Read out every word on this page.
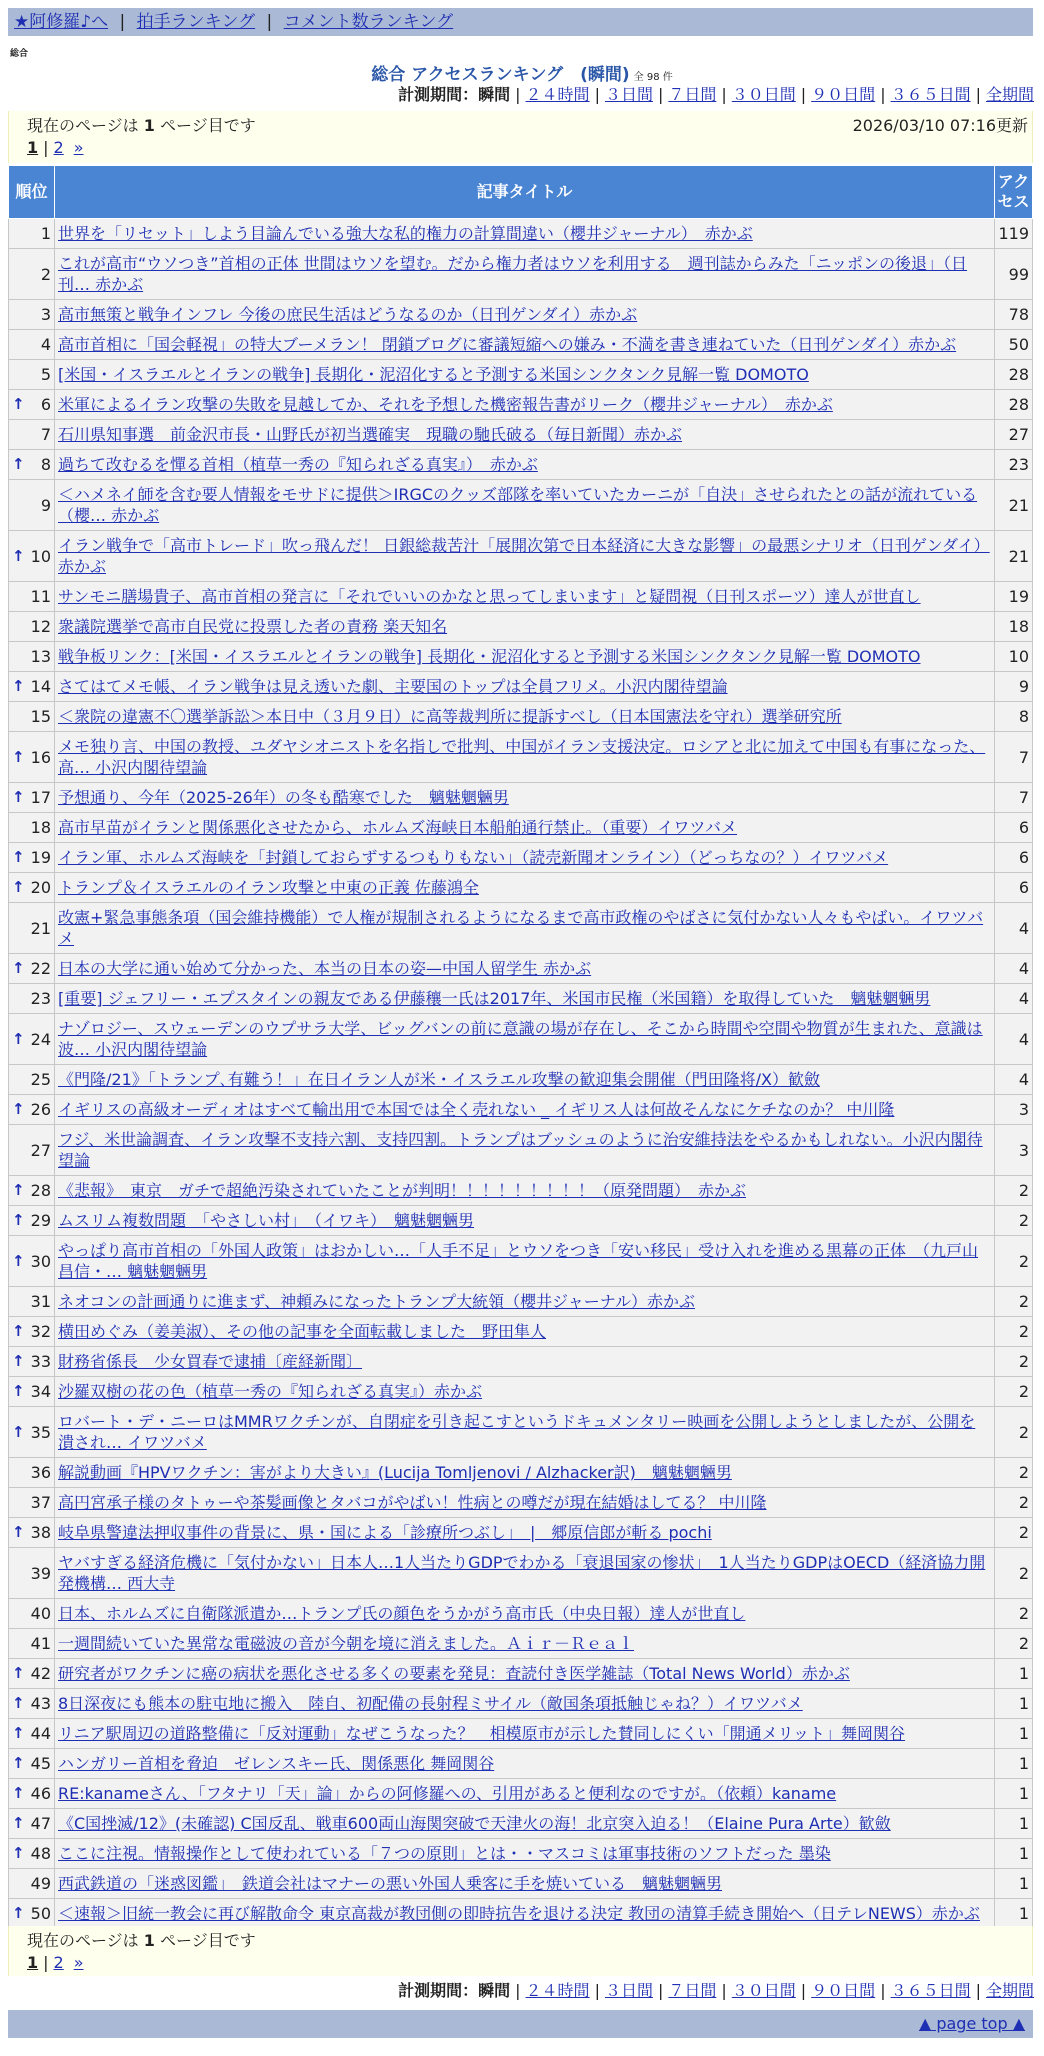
★阿修羅♪へ | 拍手ランキング | コメント数ランキング
総合
総合 アクセスランキング　(瞬間) 全 98 件
計測期間：瞬間 | ２４時間 | ３日間 | ７日間 | ３０日間 | ９０日間 | ３６５日間 | 全期間
現在のページは 1 ページ目です
1 | 2 »
2026/03/10 07:16更新
順位	記事タイトル	アクセス
1	世界を「リセット」しよう目論んでいる強大な私的権力の計算間違い（櫻井ジャーナル）　赤かぶ	119
2	これが高市“ウソつき”首相の正体 世間はウソを望む。だから権力者はウソを利用する　週刊誌からみた「ニッポンの後退」（日刊… 赤かぶ	99
3	高市無策と戦争インフレ 今後の庶民生活はどうなるのか（日刊ゲンダイ）赤かぶ	78
4	高市首相に「国会軽視」の特大ブーメラン！ 閉鎖ブログに審議短縮への嫌み・不満を書き連ねていた（日刊ゲンダイ）赤かぶ	50
5	[米国・イスラエルとイランの戦争] 長期化・泥沼化すると予測する米国シンクタンク見解一覧 DOMOTO	28

↑ 6	米軍によるイラン攻撃の失敗を見越してか、それを予想した機密報告書がリーク（櫻井ジャーナル）　赤かぶ	28
7	石川県知事選　前金沢市長・山野氏が初当選確実　現職の馳氏破る（毎日新聞）赤かぶ	27

↑ 8	過ちて改むるを憚る首相（植草一秀の『知られざる真実』）　赤かぶ	23
9	＜ハメネイ師を含む要人情報をモサドに提供＞IRGCのクッズ部隊を率いていたカーニが「自決」させられたとの話が流れている（櫻… 赤かぶ	21

↑ 10	イラン戦争で「高市トレード」吹っ飛んだ！ 日銀総裁苦汁「展開次第で日本経済に大きな影響」の最悪シナリオ（日刊ゲンダイ）赤かぶ	21
11	サンモニ膳場貴子、高市首相の発言に「それでいいのかなと思ってしまいます」と疑問視（日刊スポーツ）達人が世直し	19
12	衆議院選挙で高市自民党に投票した者の責務 楽天知名	18
13	戦争板リンク：[米国・イスラエルとイランの戦争] 長期化・泥沼化すると予測する米国シンクタンク見解一覧 DOMOTO	10

↑ 14	さてはてメモ帳、イラン戦争は見え透いた劇、主要国のトップは全員フリメ。小沢内閣待望論	9
15	＜衆院の違憲不〇選挙訴訟＞本日中（３月９日）に高等裁判所に提訴すべし（日本国憲法を守れ）選挙研究所	8

↑ 16	メモ独り言、中国の教授、ユダヤシオニストを名指しで批判、中国がイラン支援決定。ロシアと北に加えて中国も有事になった、高… 小沢内閣待望論	7

↑ 17	予想通り、今年（2025-26年）の冬も酷寒でした　魑魅魍魎男	7
18	高市早苗がイランと関係悪化させたから、ホルムズ海峡日本船舶通行禁止。（重要）イワツバメ	6

↑ 19	イラン軍、ホルムズ海峡を「封鎖しておらずするつもりもない」（読売新聞オンライン）（どっちなの？）イワツバメ	6

↑ 20	トランプ＆イスラエルのイラン攻撃と中東の正義 佐藤鴻全	6
21	改憲+緊急事態条項（国会維持機能）で人権が規制されるようになるまで高市政権のやばさに気付かない人々もやばい。イワツバメ	4

↑ 22	日本の大学に通い始めて分かった、本当の日本の姿—中国人留学生 赤かぶ	4
23	[重要] ジェフリー・エプスタインの親友である伊藤穰一氏は2017年、米国市民権（米国籍）を取得していた　魑魅魍魎男	4

↑ 24	ナゾロジー、スウェーデンのウプサラ大学、ビッグバンの前に意識の場が存在し、そこから時間や空間や物質が生まれた、意識は波… 小沢内閣待望論	4
25	《門隆/21》「トランプ､有難う！」在日イラン人が米・イスラエル攻撃の歓迎集会開催（門田隆将/X）歓斂	4

↑ 26	イギリスの高級オーディオはすべて輸出用で本国では全く売れない _ イギリス人は何故そんなにケチなのか？ 中川隆	3
27	フジ、米世論調査、イラン攻撃不支持六割、支持四割。トランプはブッシュのように治安維持法をやるかもしれない。小沢内閣待望論	3

↑ 28	《悲報》　東京　ガチで超絶汚染されていたことが判明！！！！！！！！！（原発問題）　赤かぶ	2

↑ 29	ムスリム複数問題　「やさしい村」　（イワキ）　魑魅魍魎男	2

↑ 30	やっぱり高市首相の「外国人政策」はおかしい…「人手不足」とウソをつき「安い移民」受け入れを進める黒幕の正体　（九戸山 昌信・… 魑魅魍魎男	2
31	ネオコンの計画通りに進まず、神頼みになったトランプ大統領（櫻井ジャーナル）赤かぶ	2

↑ 32	横田めぐみ（姜美淑）、その他の記事を全面転載しました　野田隼人	2

↑ 33	財務省係長　少女買春で逮捕〔産経新聞〕	2

↑ 34	沙羅双樹の花の色（植草一秀の『知られざる真実』）赤かぶ	2

↑ 35	ロバート・デ・ニーロはMMRワクチンが、自閉症を引き起こすというドキュメンタリー映画を公開しようとしましたが、公開を潰され… イワツバメ	2
36	解説動画『HPVワクチン：害がより大きい』(Lucija Tomljenovi / Alzhacker訳)　魑魅魍魎男	2
37	高円宮承子様のタトゥーや茶髪画像とタバコがやばい！性病との噂だが現在結婚はしてる？ 中川隆	2

↑ 38	岐阜県警違法押収事件の背景に、県・国による「診療所つぶし」　|　郷原信郎が斬る pochi	2
39	ヤバすぎる経済危機に「気付かない」日本人…1人当たりGDPでわかる「衰退国家の惨状」　1人当たりGDPはOECD（経済協力開発機構… 西大寺	2
40	日本、ホルムズに自衛隊派遣か…トランプ氏の顔色をうかがう高市氏（中央日報）達人が世直し	2
41	一週間続いていた異常な電磁波の音が今朝を境に消えました。Ａｉｒ－Ｒｅａｌ	2

↑ 42	研究者がワクチンに癌の病状を悪化させる多くの要素を発見：査読付き医学雑誌（Total News World）赤かぶ	1

↑ 43	8日深夜にも熊本の駐屯地に搬入　陸自、初配備の長射程ミサイル（敵国条項抵触じゃね？）イワツバメ	1

↑ 44	リニア駅周辺の道路整備に「反対運動」なぜこうなった？　相模原市が示した賛同しにくい「開通メリット」舞岡関谷	1

↑ 45	ハンガリー首相を脅迫　ゼレンスキー氏、関係悪化 舞岡関谷	1

↑ 46	RE:kanameさん、「フタナリ「天」論」からの阿修羅への、引用があると便利なのですが。（依頼）kaname	1

↑ 47	《C国挫滅/12》(未確認) C国反乱、戦車600両山海関突破で天津火の海！北京突入迫る！（Elaine Pura Arte）歓斂	1

↑ 48	ここに注視。情報操作として使われている「７つの原則」とは・・マスコミは軍事技術のソフトだった 墨染	1
49	西武鉄道の「迷惑図鑑」　鉄道会社はマナーの悪い外国人乗客に手を焼いている　魑魅魍魎男	1

↑ 50	＜速報＞旧統一教会に再び解散命令 東京高裁が教団側の即時抗告を退ける決定 教団の清算手続き開始へ（日テレNEWS）赤かぶ	1
現在のページは 1 ページ目です
1 | 2 »
計測期間：瞬間 | ２４時間 | ３日間 | ７日間 | ３０日間 | ９０日間 | ３６５日間 | 全期間
▲ page top ▲
